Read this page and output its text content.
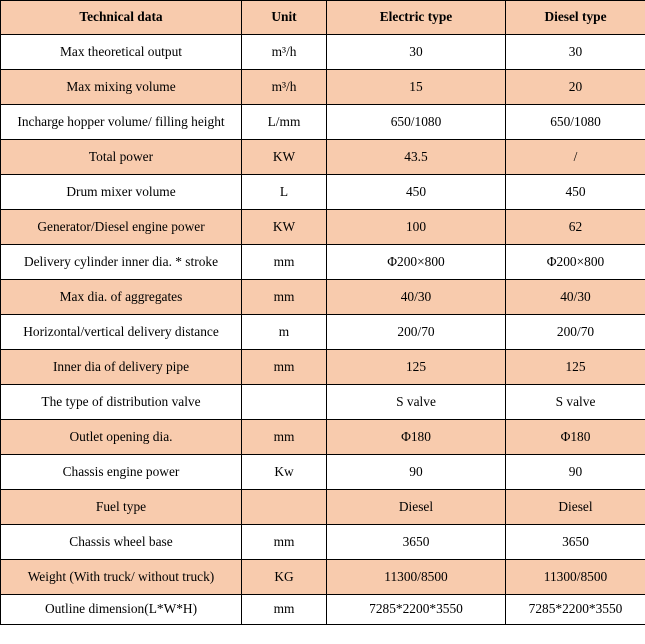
Technical data	Unit	Electric type	Diesel type
Max theoretical output	m³/h	30	30
Max mixing volume	m³/h	15	20
Incharge hopper volume/ filling height	L/mm	650/1080	650/1080
Total power	KW	43.5	/
Drum mixer volume	L	450	450
Generator/Diesel engine power	KW	100	62
Delivery cylinder inner dia. * stroke	mm	Φ200×800	Φ200×800
Max dia. of aggregates	mm	40/30	40/30
Horizontal/vertical delivery distance	m	200/70	200/70
Inner dia of delivery pipe	mm	125	125
The type of distribution valve		S valve	S valve
Outlet opening dia.	mm	Φ180	Φ180
Chassis engine power	Kw	90	90
Fuel type		Diesel	Diesel
Chassis wheel base	mm	3650	3650
Weight (With truck/ without truck)	KG	11300/8500	11300/8500
Outline dimension(L*W*H)	mm	7285*2200*3550	7285*2200*3550
